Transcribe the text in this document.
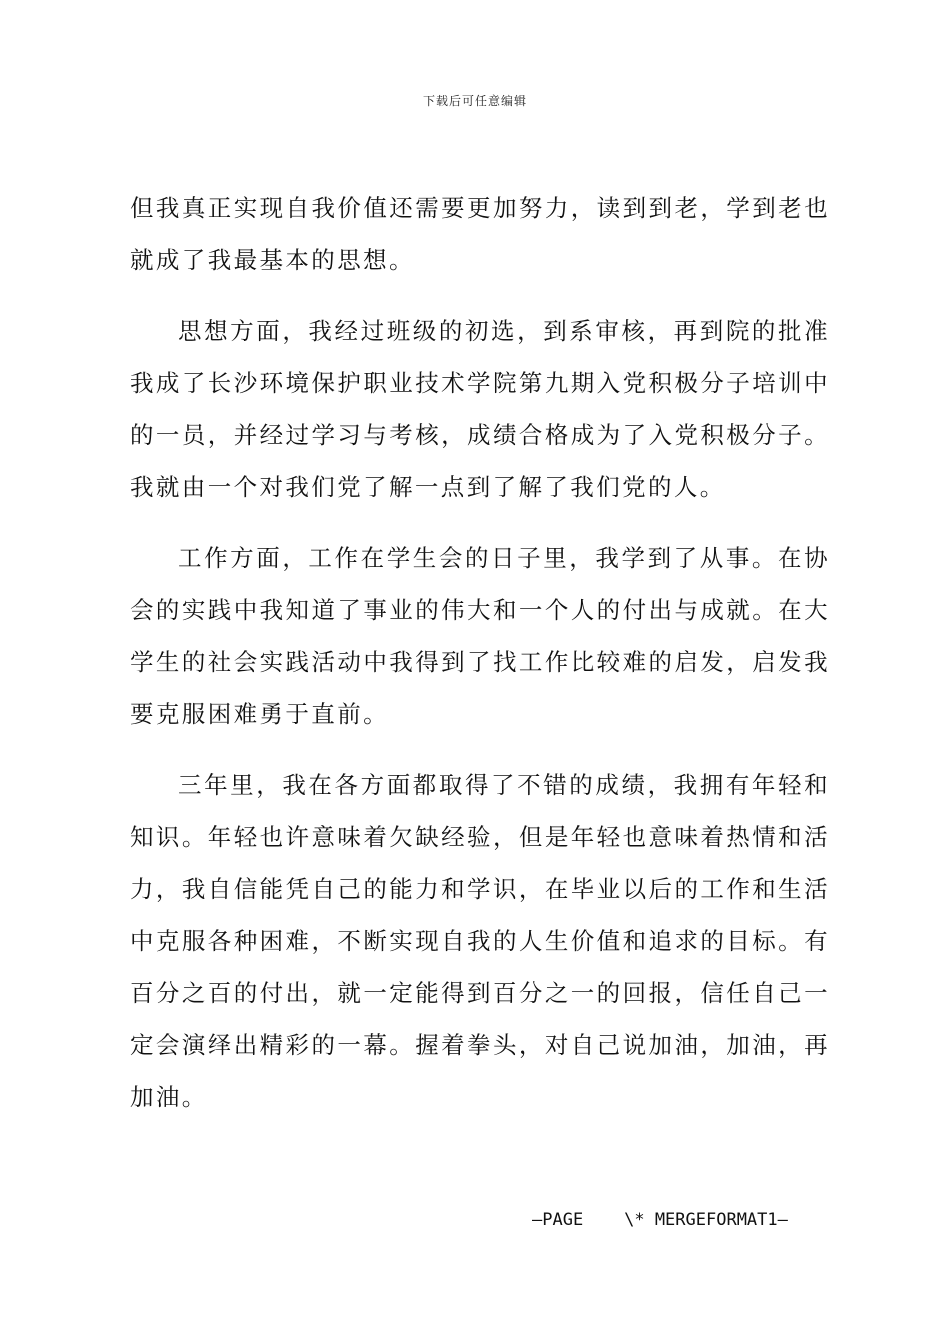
下载后可任意编辑

但我真正实现自我价值还需要更加努力，读到到老，学到老也就成了我最基本的思想。

思想方面，我经过班级的初选，到系审核，再到院的批准我成了长沙环境保护职业技术学院第九期入党积极分子培训中的一员，并经过学习与考核，成绩合格成为了入党积极分子。我就由一个对我们党了解一点到了解了我们党的人。

工作方面，工作在学生会的日子里，我学到了从事。在协会的实践中我知道了事业的伟大和一个人的付出与成就。在大学生的社会实践活动中我得到了找工作比较难的启发，启发我要克服困难勇于直前。

三年里，我在各方面都取得了不错的成绩，我拥有年轻和知识。年轻也许意味着欠缺经验，但是年轻也意味着热情和活力，我自信能凭自己的能力和学识，在毕业以后的工作和生活中克服各种困难，不断实现自我的人生价值和追求的目标。有百分之百的付出，就一定能得到百分之一的回报，信任自己一定会演绎出精彩的一幕。握着拳头，对自己说加油，加油，再加油。

—PAGE    \* MERGEFORMAT1—
